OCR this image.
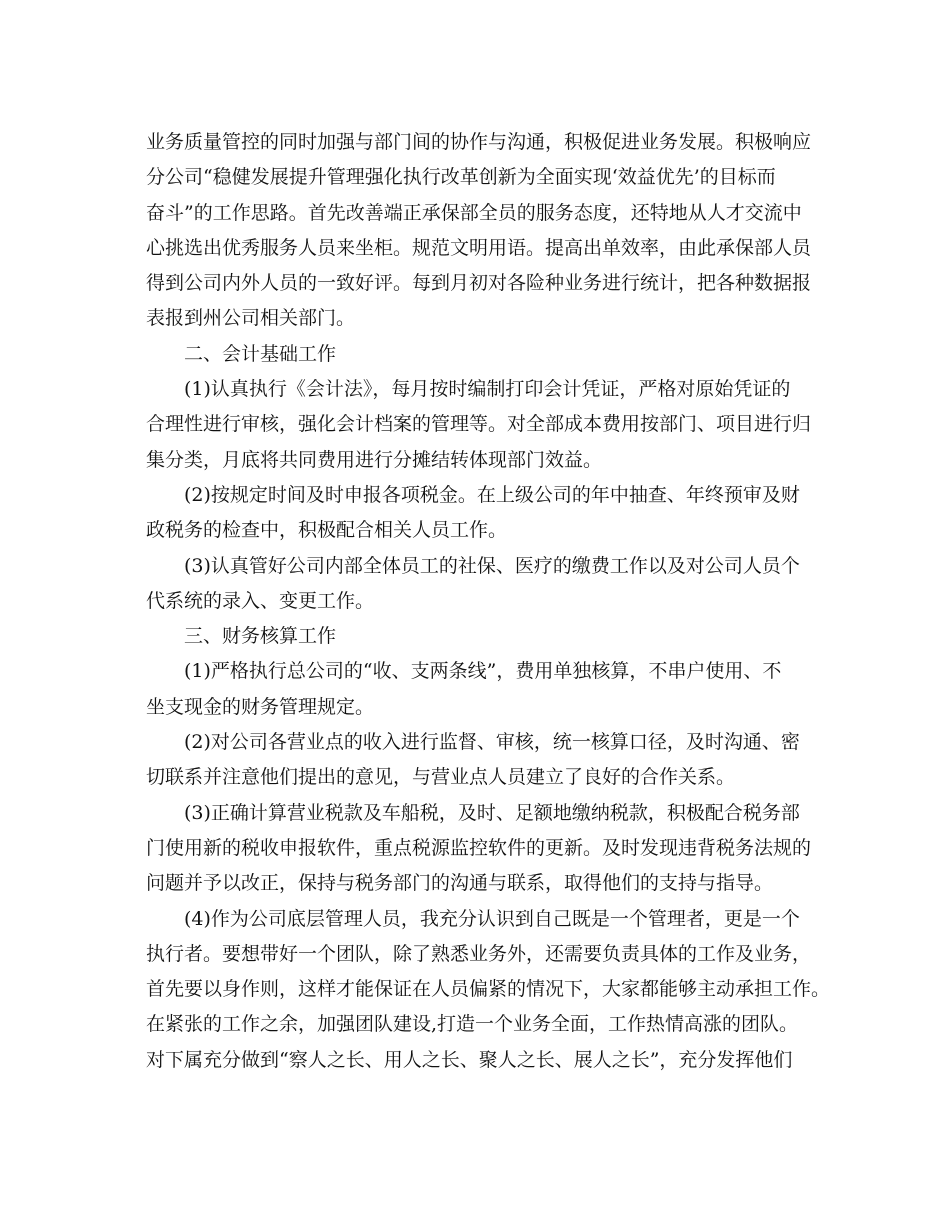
业务质量管控的同时加强与部门间的协作与沟通，积极促进业务发展。积极响应
分公司“稳健发展提升管理强化执行改革创新为全面实现‘效益优先’的目标而
奋斗”的工作思路。首先改善端正承保部全员的服务态度，还特地从人才交流中
心挑选出优秀服务人员来坐柜。规范文明用语。提高出单效率，由此承保部人员
得到公司内外人员的一致好评。每到月初对各险种业务进行统计，把各种数据报
表报到州公司相关部门。
二、会计基础工作
(1)认真执行《会计法》，每月按时编制打印会计凭证，严格对原始凭证的
合理性进行审核，强化会计档案的管理等。对全部成本费用按部门、项目进行归
集分类，月底将共同费用进行分摊结转体现部门效益。
(2)按规定时间及时申报各项税金。在上级公司的年中抽查、年终预审及财
政税务的检查中，积极配合相关人员工作。
(3)认真管好公司内部全体员工的社保、医疗的缴费工作以及对公司人员个
代系统的录入、变更工作。
三、财务核算工作
(1)严格执行总公司的“收、支两条线”，费用单独核算，不串户使用、不
坐支现金的财务管理规定。
(2)对公司各营业点的收入进行监督、审核，统一核算口径，及时沟通、密
切联系并注意他们提出的意见，与营业点人员建立了良好的合作关系。
(3)正确计算营业税款及车船税，及时、足额地缴纳税款，积极配合税务部
门使用新的税收申报软件，重点税源监控软件的更新。及时发现违背税务法规的
问题并予以改正，保持与税务部门的沟通与联系，取得他们的支持与指导。
(4)作为公司底层管理人员，我充分认识到自己既是一个管理者，更是一个
执行者。要想带好一个团队，除了熟悉业务外，还需要负责具体的工作及业务，
首先要以身作则，这样才能保证在人员偏紧的情况下，大家都能够主动承担工作。
在紧张的工作之余，加强团队建设,打造一个业务全面，工作热情高涨的团队。
对下属充分做到“察人之长、用人之长、聚人之长、展人之长”，充分发挥他们
